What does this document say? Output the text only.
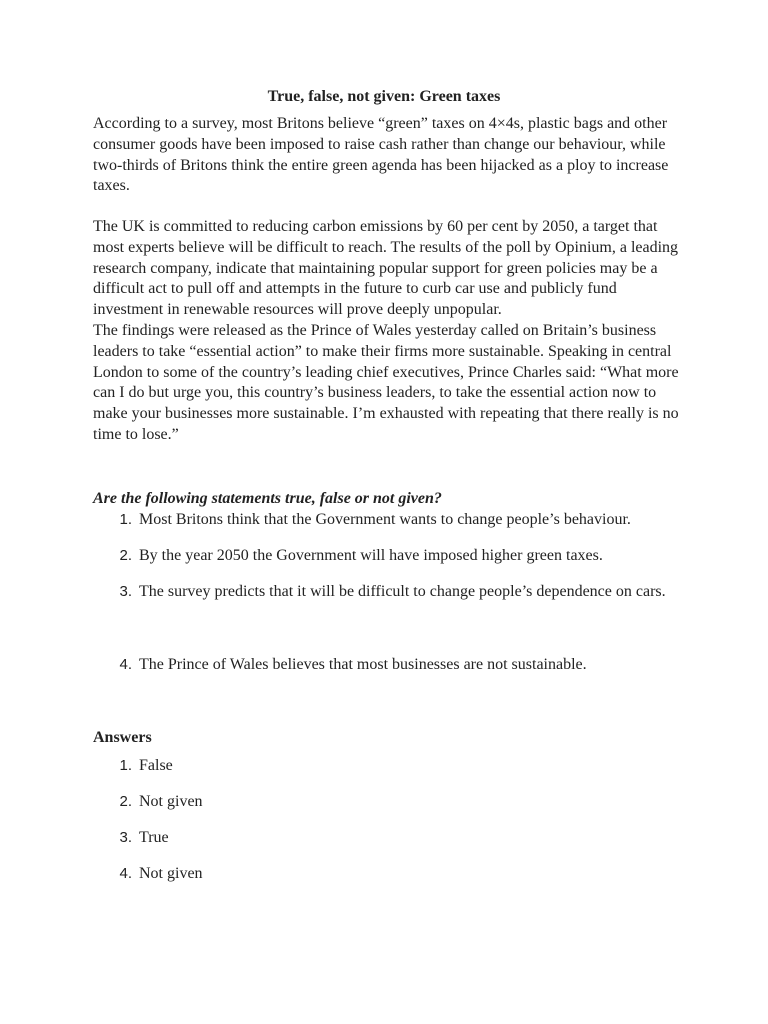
True, false, not given: Green taxes

According to a survey, most Britons believe “green” taxes on 4×4s, plastic bags and other consumer goods have been imposed to raise cash rather than change our behaviour, while two-thirds of Britons think the entire green agenda has been hijacked as a ploy to increase taxes.

The UK is committed to reducing carbon emissions by 60 per cent by 2050, a target that most experts believe will be difficult to reach. The results of the poll by Opinium, a leading research company, indicate that maintaining popular support for green policies may be a difficult act to pull off and attempts in the future to curb car use and publicly fund investment in renewable resources will prove deeply unpopular.
The findings were released as the Prince of Wales yesterday called on Britain’s business leaders to take “essential action” to make their firms more sustainable. Speaking in central London to some of the country’s leading chief executives, Prince Charles said: “What more can I do but urge you, this country’s business leaders, to take the essential action now to make your businesses more sustainable. I’m exhausted with repeating that there really is no time to lose.”
Are the following statements true, false or not given?
1. Most Britons think that the Government wants to change people’s behaviour.
2. By the year 2050 the Government will have imposed higher green taxes.
3. The survey predicts that it will be difficult to change people’s dependence on cars.
4. The Prince of Wales believes that most businesses are not sustainable.
Answers
1. False
2. Not given
3. True
4. Not given
